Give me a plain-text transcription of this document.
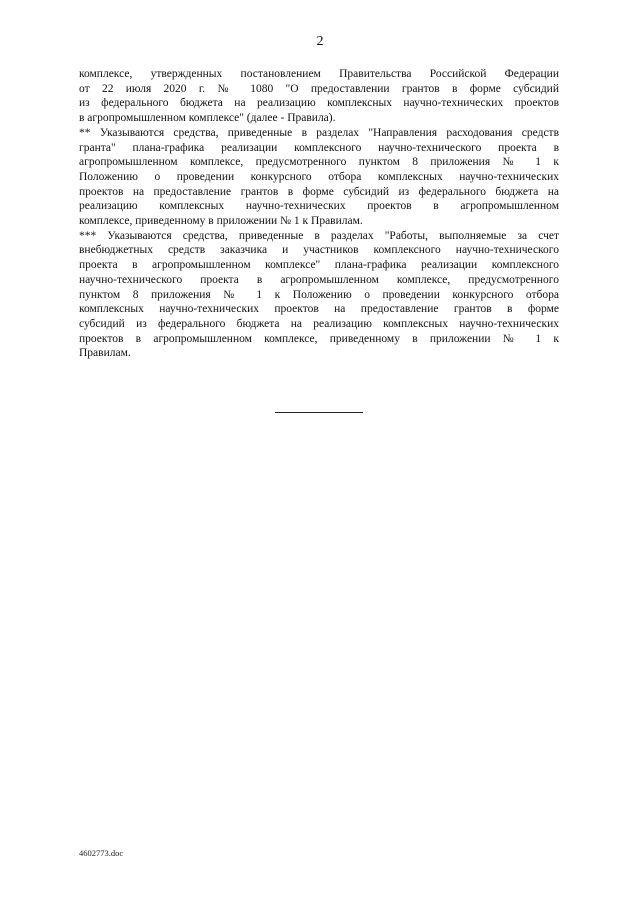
2
комплексе, утвержденных постановлением Правительства Российской Федерации
от 22 июля 2020 г. № 1080 "О предоставлении грантов в форме субсидий
из федерального бюджета на реализацию комплексных научно-технических проектов
в агропромышленном комплексе" (далее - Правила).
** Указываются средства, приведенные в разделах "Направления расходования средств
гранта" плана-графика реализации комплексного научно-технического проекта в
агропромышленном комплексе, предусмотренного пунктом 8 приложения № 1 к
Положению о проведении конкурсного отбора комплексных научно-технических
проектов на предоставление грантов в форме субсидий из федерального бюджета на
реализацию комплексных научно-технических проектов в агропромышленном
комплексе, приведенному в приложении № 1 к Правилам.
*** Указываются средства, приведенные в разделах "Работы, выполняемые за счет
внебюджетных средств заказчика и участников комплексного научно-технического
проекта в агропромышленном комплексе" плана-графика реализации комплексного
научно-технического проекта в агропромышленном комплексе, предусмотренного
пунктом 8 приложения № 1 к Положению о проведении конкурсного отбора
комплексных научно-технических проектов на предоставление грантов в форме
субсидий из федерального бюджета на реализацию комплексных научно-технических
проектов в агропромышленном комплексе, приведенному в приложении № 1 к
Правилам.
4602773.doc
